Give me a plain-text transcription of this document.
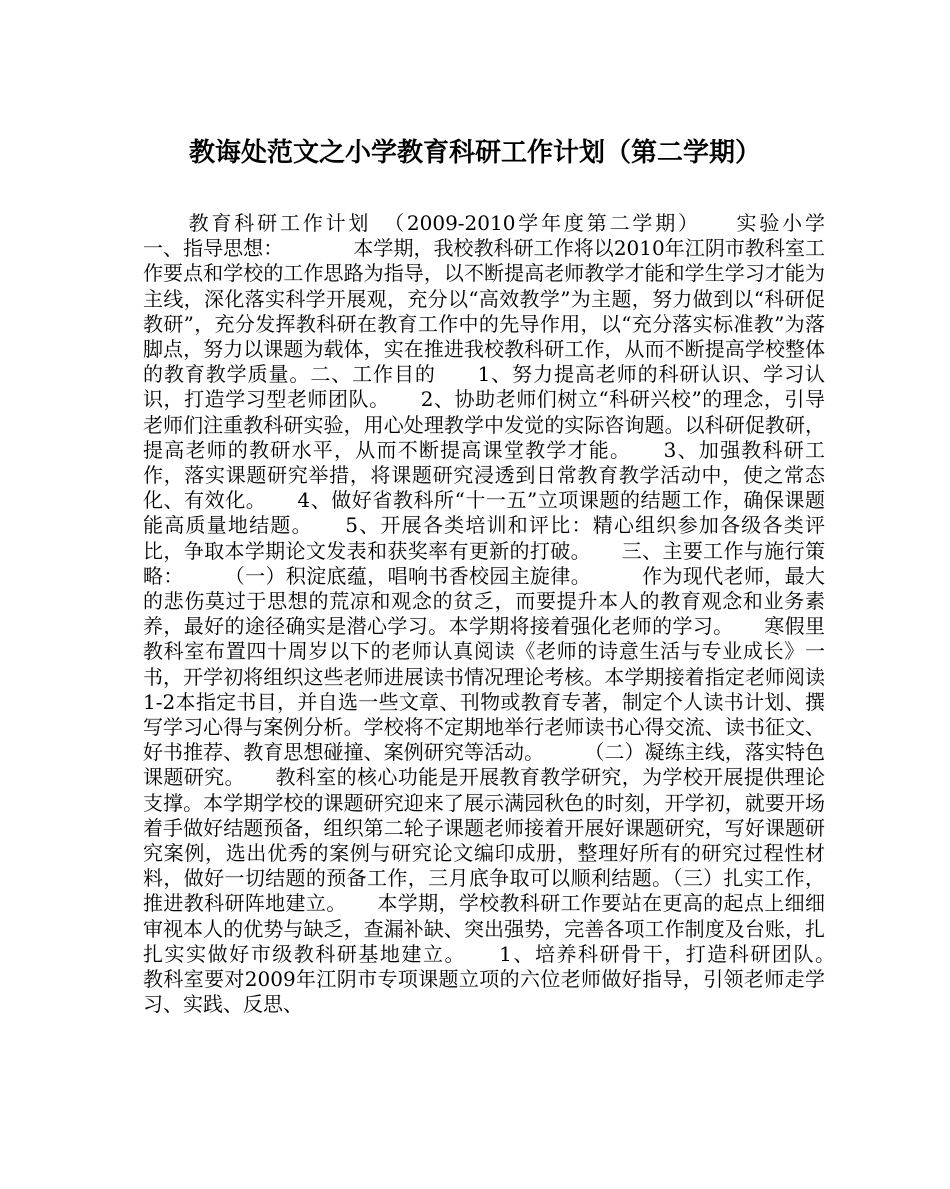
教诲处范文之小学教育科研工作计划（第二学期）

　　教育科研工作计划　（2009-2010学年度第二学期）　　实验小学　　一、指导思想：　　　　本学期，我校教科研工作将以2010年江阴市教科室工作要点和学校的工作思路为指导，以不断提高老师教学才能和学生学习才能为主线，深化落实科学开展观，充分以“高效教学”为主题，努力做到以“科研促教研”，充分发挥教科研在教育工作中的先导作用，以“充分落实标准教”为落脚点，努力以课题为载体，实在推进我校教科研工作，从而不断提高学校整体的教育教学质量。二、工作目的　　1、努力提高老师的科研认识、学习认识，打造学习型老师团队。　　2、协助老师们树立“科研兴校”的理念，引导老师们注重教科研实验，用心处理教学中发觉的实际咨询题。以科研促教研，提高老师的教研水平，从而不断提高课堂教学才能。　　3、加强教科研工作，落实课题研究举措，将课题研究浸透到日常教育教学活动中，使之常态化、有效化。　　4、做好省教科所“十一五”立项课题的结题工作，确保课题能高质量地结题。　　5、开展各类培训和评比：精心组织参加各级各类评比，争取本学期论文发表和获奖率有更新的打破。　　三、主要工作与施行策略：　　　（一）积淀底蕴，唱响书香校园主旋律。　　　作为现代老师，最大的悲伤莫过于思想的荒凉和观念的贫乏，而要提升本人的教育观念和业务素养，最好的途径确实是潜心学习。本学期将接着强化老师的学习。　　寒假里教科室布置四十周岁以下的老师认真阅读《老师的诗意生活与专业成长》一书，开学初将组织这些老师进展读书情况理论考核。本学期接着指定老师阅读1-2本指定书目，并自选一些文章、刊物或教育专著，制定个人读书计划、撰写学习心得与案例分析。学校将不定期地举行老师读书心得交流、读书征文、好书推荐、教育思想碰撞、案例研究等活动。　　　（二）凝练主线，落实特色课题研究。　　教科室的核心功能是开展教育教学研究，为学校开展提供理论支撑。本学期学校的课题研究迎来了展示满园秋色的时刻，开学初，就要开场着手做好结题预备，组织第二轮子课题老师接着开展好课题研究，写好课题研究案例，选出优秀的案例与研究论文编印成册，整理好所有的研究过程性材料，做好一切结题的预备工作，三月底争取可以顺利结题。（三）扎实工作，推进教科研阵地建立。　　本学期，学校教科研工作要站在更高的起点上细细审视本人的优势与缺乏，查漏补缺、突出强势，完善各项工作制度及台账，扎扎实实做好市级教科研基地建立。　　1、培养科研骨干，打造科研团队。　　教科室要对2009年江阴市专项课题立项的六位老师做好指导，引领老师走学习、实践、反思、
